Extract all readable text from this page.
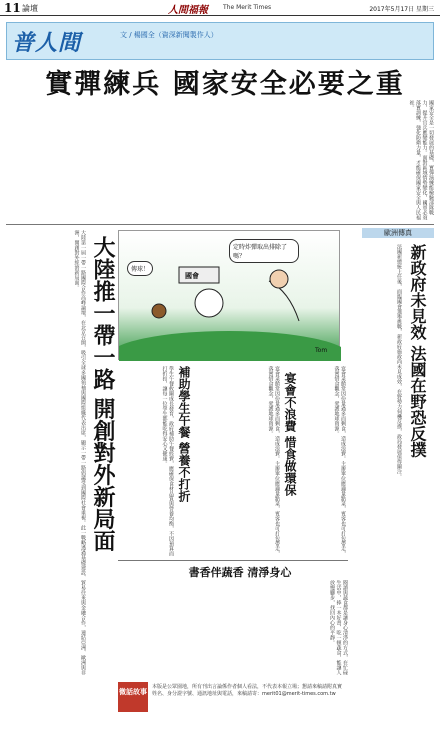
11 論壇	人間福報	The Merit Times	2017年5月17日 星期三
普人間	文 / 楊國全（資深新聞製作人）
實彈練兵 國家安全必要之重
國家安全是一切發展的基礎，實彈演練能檢驗部隊戰力，提升官兵應變能力。面對區域情勢變化，國軍必須落實訓練，強化防衛力量，才能確保國家安全與人民福祉。
大陸推一帶一路 開創對外新局面
大陸第一屆一帶一路國際合作高峰論壇，在北京召開，吸引全球多國領袖與國際組織代表出席，顯示一帶一路倡議受到國際社會重視。此一戰略透過基礎建設、貿易往來與金融合作，連結亞洲、歐洲與非洲，開創對外經濟新局面。	定時炸彈取出排除了嗎？
傳球！
國會
Tom
補助學生午餐 營養不打折
學生午餐攸關成長發育，政府補助午餐經費，應確保食材品質與營養均衡，不因預算而打折扣，讓每一位學生都能吃得安心又健康。	宴會不浪費 惜食做環保
宴會菜餚常因份量過多而剩食，造成浪費。主辦單位應適量點菜，賓客也可打包帶走，落實惜食觀念，愛護地球資源。	宴會菜餚常因份量過多而剩食，造成浪費。主辦單位應適量點菜，賓客也可打包帶走，落實惜食觀念，愛護地球資源。
歐洲傳真
新政府未見效 法國在野恐反撲
法國新總統上任後，面臨國會選舉挑戰，新政府施政尚未見成效，在野勢力伺機反撲，政局發展值得關注。
書香伴蔬香 清淨身心
閱讀與蔬食都是讓身心清淨的方式，在忙碌生活中，捧一本好書、吃一頓蔬食，能讓人放慢腳步，找回內心的平靜。
微話故事
本版是公眾園地，所有刊出言論係作者個人看法，不代表本報立場；懇請來稿請附真實姓名、身分證字號、通訊地址與電話，來稿請寄：merit01@merit-times.com.tw
